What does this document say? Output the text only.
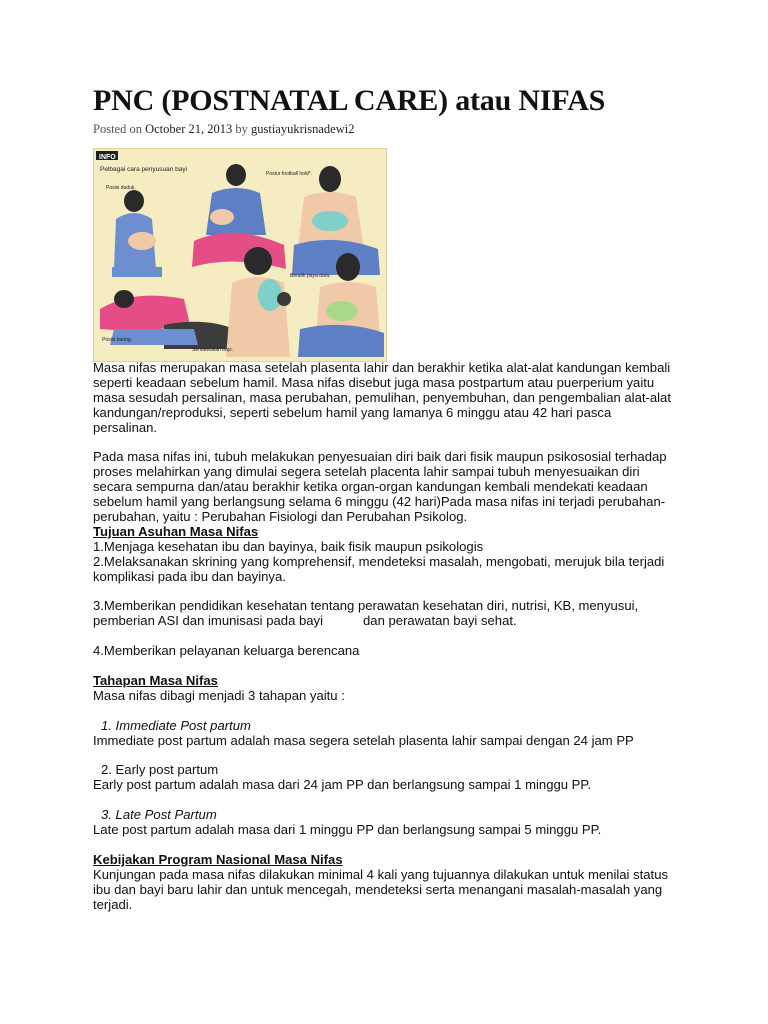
PNC (POSTNATAL CARE) atau NIFAS
Posted on October 21, 2013 by gustiayukrisnadewi2
INFO
Pelbagai cara penyusuan bayi
Posisi duduk.
Postur football hold*.
Posisi baring.
Sendawakan bayi.
Beralih paya dara.

Masa nifas merupakan masa setelah plasenta lahir dan berakhir ketika alat-alat kandungan kembali seperti keadaan sebelum hamil. Masa nifas disebut juga masa postpartum atau puerperium yaitu masa sesudah persalinan, masa perubahan, pemulihan, penyembuhan, dan pengembalian alat-alat kandungan/reproduksi, seperti sebelum hamil yang lamanya 6 minggu atau 42 hari pasca persalinan.

Pada masa nifas ini, tubuh melakukan penyesuaian diri baik dari fisik maupun psikososial terhadap proses melahirkan yang dimulai segera setelah placenta lahir sampai tubuh menyesuaikan diri secara sempurna dan/atau berakhir ketika organ-organ kandungan kembali mendekati keadaan sebelum hamil yang berlangsung selama 6 minggu (42 hari)Pada masa nifas ini terjadi perubahan-perubahan, yaitu : Perubahan Fisiologi dan Perubahan Psikolog.

Tujuan Asuhan Masa Nifas

1.Menjaga kesehatan ibu dan bayinya, baik fisik maupun psikologis

2.Melaksanakan skrining yang komprehensif, mendeteksi masalah, mengobati, merujuk bila terjadi komplikasi pada ibu dan bayinya.

3.Memberikan pendidikan kesehatan tentang perawatan kesehatan diri, nutrisi, KB, menyusui, pemberian ASI dan imunisasi pada bayi           dan perawatan bayi sehat.

4.Memberikan pelayanan keluarga berencana

Tahapan Masa Nifas

Masa nifas dibagi menjadi 3 tahapan yaitu :

1. Immediate Post partum

Immediate post partum adalah masa segera setelah plasenta lahir sampai dengan 24 jam PP

2. Early post partum

Early post partum adalah masa dari 24 jam PP dan berlangsung sampai 1 minggu PP.

3. Late Post Partum

Late post partum adalah masa dari 1 minggu PP dan berlangsung sampai 5 minggu PP.

Kebijakan Program Nasional Masa Nifas

Kunjungan pada masa nifas dilakukan minimal 4 kali yang tujuannya dilakukan untuk menilai status ibu dan bayi baru lahir dan untuk mencegah, mendeteksi serta menangani masalah-masalah yang terjadi.
